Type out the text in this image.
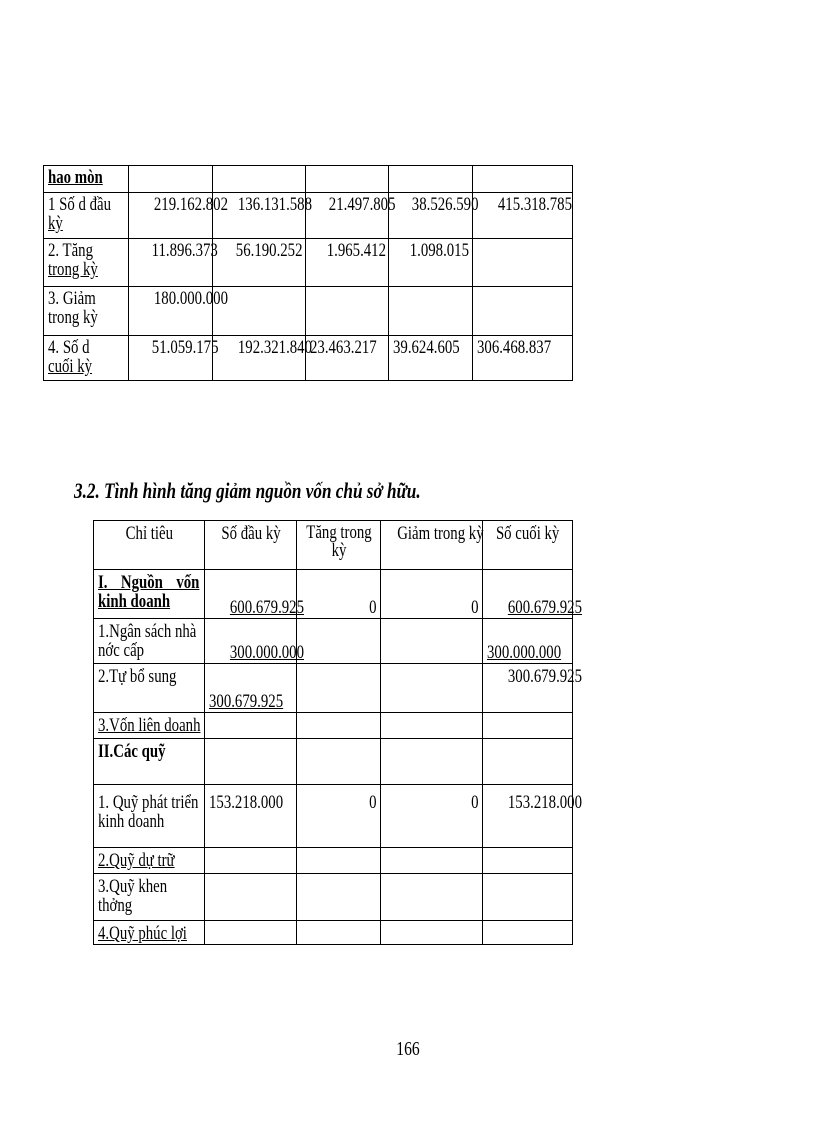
hao mòn					

1 Số d đầu
kỳ	219.162.802	136.131.588	21.497.805	38.526.590	415.318.785

2. Tăng
trong kỳ	11.896.373	56.190.252	1.965.412	1.098.015	

3. Giảm
trong kỳ	180.000.000				

4. Số d
cuối kỳ	51.059.175	192.321.840	23.463.217	39.624.605	306.468.837
3.2. Tình hình tăng giảm nguồn vốn chủ sở hữu.
Chỉ tiêu	Số đầu kỳ	Tăng trong kỳ	Giảm trong kỳ	Số cuối kỳ
I. Nguồn vốn kinh doanh	600.679.925	0	0	600.679.925
1.Ngân sách nhà nớc cấp	300.000.000			300.000.000
2.Tự bổ sung	300.679.925			300.679.925
3.Vốn liên doanh				
II.Các quỹ				
1. Quỹ phát triển kinh doanh	153.218.000	0	0	153.218.000
2.Quỹ dự trữ				
3.Quỹ khen thởng				
4.Quỹ phúc lợi				
166
